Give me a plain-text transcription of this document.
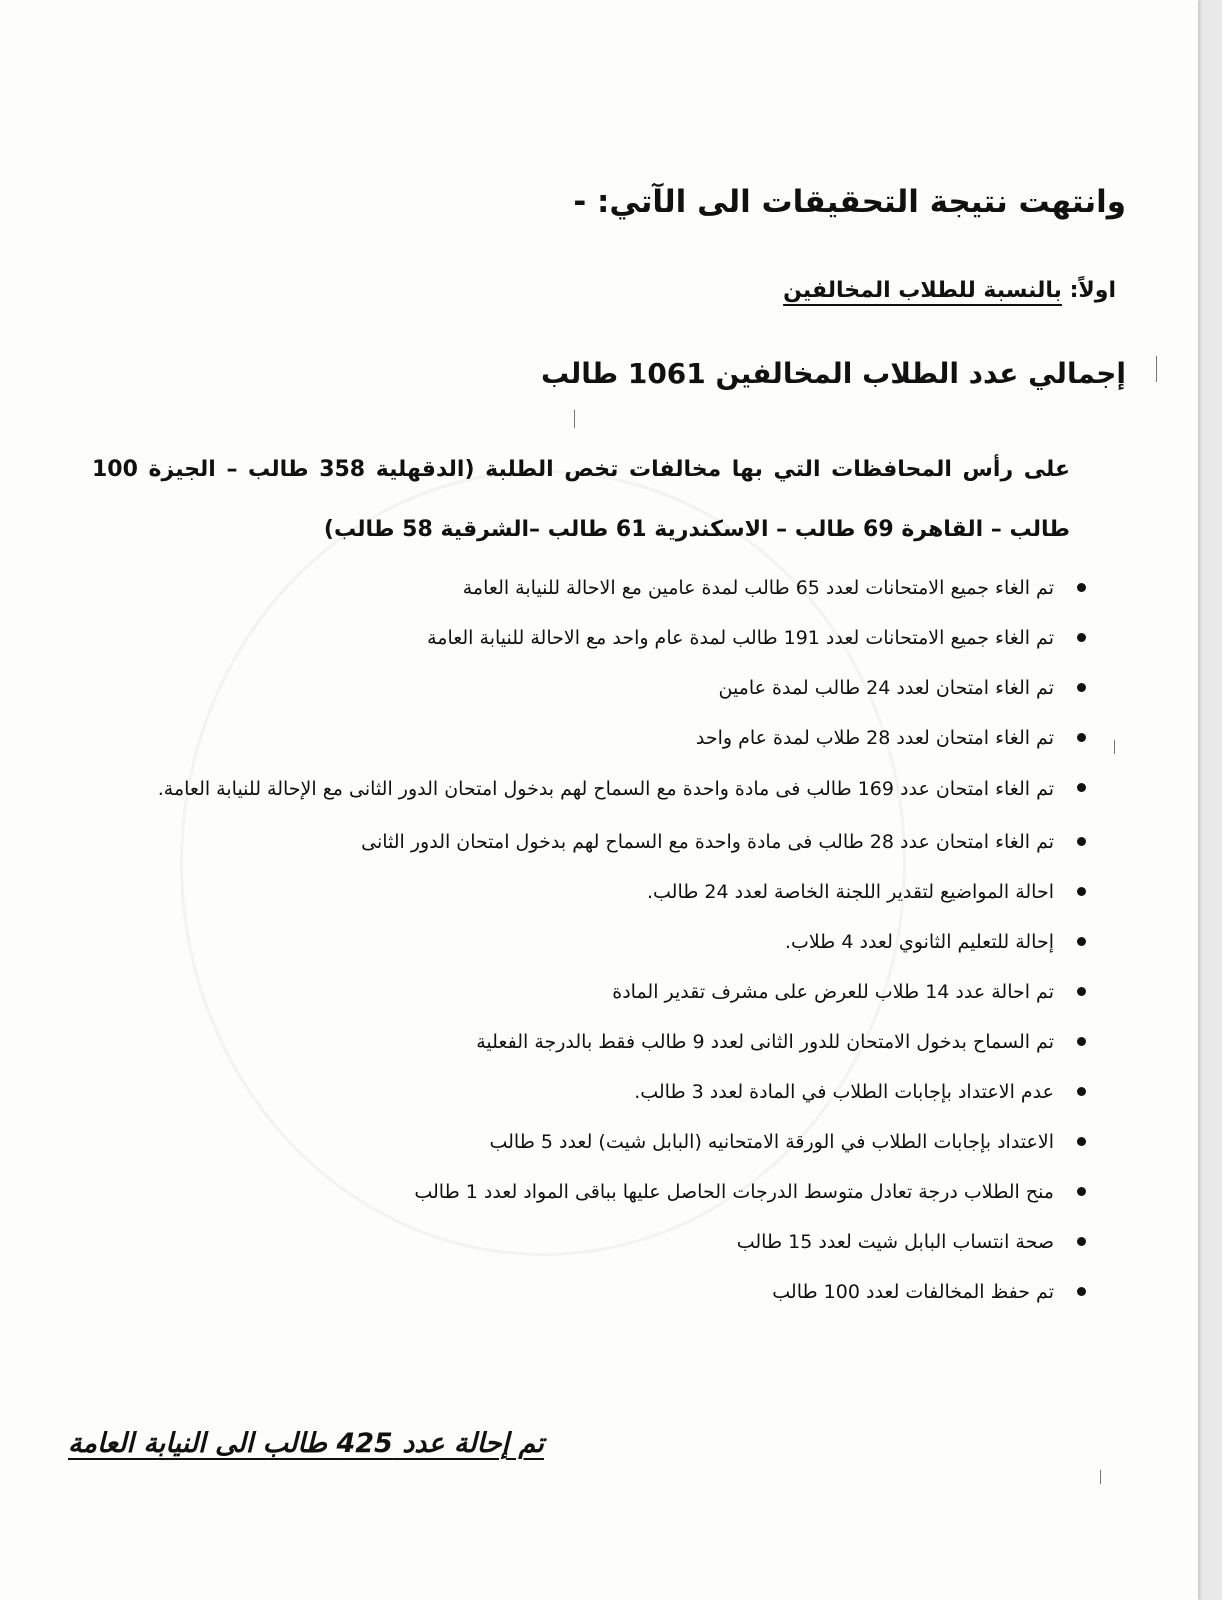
وانتهت نتيجة التحقيقات الى الآتي: -
اولاً: بالنسبة للطلاب المخالفين
إجمالي عدد الطلاب المخالفين 1061 طالب
على رأس المحافظات التي بها مخالفات تخص الطلبة (الدقهلية 358 طالب – الجيزة 100 طالب – القاهرة 69 طالب – الاسكندرية 61 طالب –الشرقية 58 طالب)
تم الغاء جميع الامتحانات لعدد 65 طالب لمدة عامين مع الاحالة للنيابة العامة
تم الغاء جميع الامتحانات لعدد 191 طالب لمدة عام واحد مع الاحالة للنيابة العامة
تم الغاء امتحان لعدد 24 طالب لمدة عامين
تم الغاء امتحان لعدد 28 طلاب لمدة عام واحد
تم الغاء امتحان عدد 169 طالب فى مادة واحدة مع السماح لهم بدخول امتحان الدور الثانى مع الإحالة للنيابة العامة.
تم الغاء امتحان عدد 28 طالب فى مادة واحدة مع السماح لهم بدخول امتحان الدور الثانى
احالة المواضيع لتقدير اللجنة الخاصة لعدد 24 طالب.
إحالة للتعليم الثانوي لعدد 4 طلاب.
تم احالة عدد 14 طلاب للعرض على مشرف تقدير المادة
تم السماح بدخول الامتحان للدور الثانى لعدد 9 طالب فقط بالدرجة الفعلية
عدم الاعتداد بإجابات الطلاب في المادة لعدد 3 طالب.
الاعتداد بإجابات الطلاب في الورقة الامتحانيه (البابل شيت) لعدد 5 طالب
منح الطلاب درجة تعادل متوسط الدرجات الحاصل عليها بباقى المواد لعدد 1 طالب
صحة انتساب البابل شيت لعدد 15 طالب
تم حفظ المخالفات لعدد 100 طالب
تم إحالة عدد 425 طالب الى النيابة العامة
